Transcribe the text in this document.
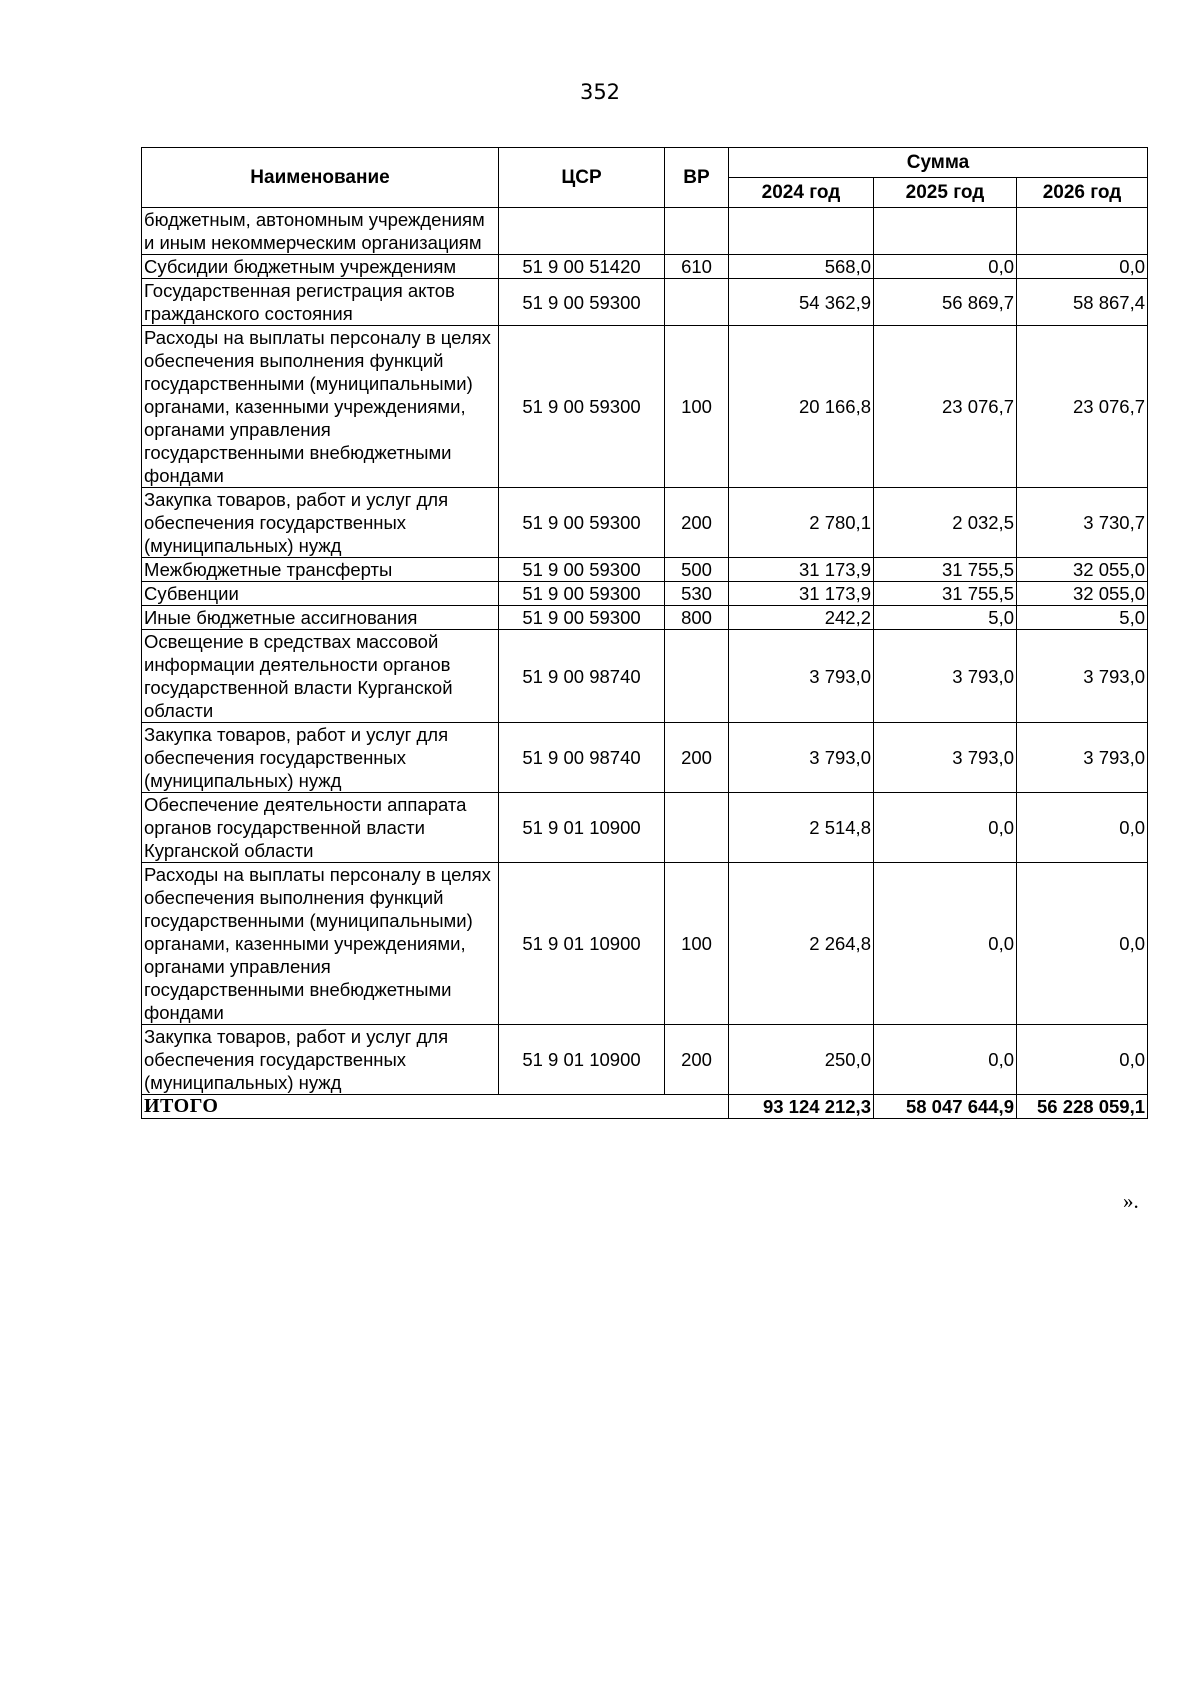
352
Наименование	ЦСР	ВР	Сумма		
			2024 год	2025 год	2026 год
бюджетным, автономным учреждениям и иным некоммерческим организациям					
Субсидии бюджетным учреждениям	51 9 00 51420	610	568,0	0,0	0,0
Государственная регистрация актов гражданского состояния	51 9 00 59300		54 362,9	56 869,7	58 867,4
Расходы на выплаты персоналу в целях обеспечения выполнения функций государственными (муниципальными) органами, казенными учреждениями, органами управления государственными внебюджетными фондами	51 9 00 59300	100	20 166,8	23 076,7	23 076,7
Закупка товаров, работ и услуг для обеспечения государственных (муниципальных) нужд	51 9 00 59300	200	2 780,1	2 032,5	3 730,7
Межбюджетные трансферты	51 9 00 59300	500	31 173,9	31 755,5	32 055,0
Субвенции	51 9 00 59300	530	31 173,9	31 755,5	32 055,0
Иные бюджетные ассигнования	51 9 00 59300	800	242,2	5,0	5,0
Освещение в средствах массовой информации деятельности органов государственной власти Курганской области	51 9 00 98740		3 793,0	3 793,0	3 793,0
Закупка товаров, работ и услуг для обеспечения государственных (муниципальных) нужд	51 9 00 98740	200	3 793,0	3 793,0	3 793,0
Обеспечение деятельности аппарата органов государственной власти Курганской области	51 9 01 10900		2 514,8	0,0	0,0
Расходы на выплаты персоналу в целях обеспечения выполнения функций государственными (муниципальными) органами, казенными учреждениями, органами управления государственными внебюджетными фондами	51 9 01 10900	100	2 264,8	0,0	0,0
Закупка товаров, работ и услуг для обеспечения государственных (муниципальных) нужд	51 9 01 10900	200	250,0	0,0	0,0
ИТОГО			93 124 212,3	58 047 644,9	56 228 059,1
».
